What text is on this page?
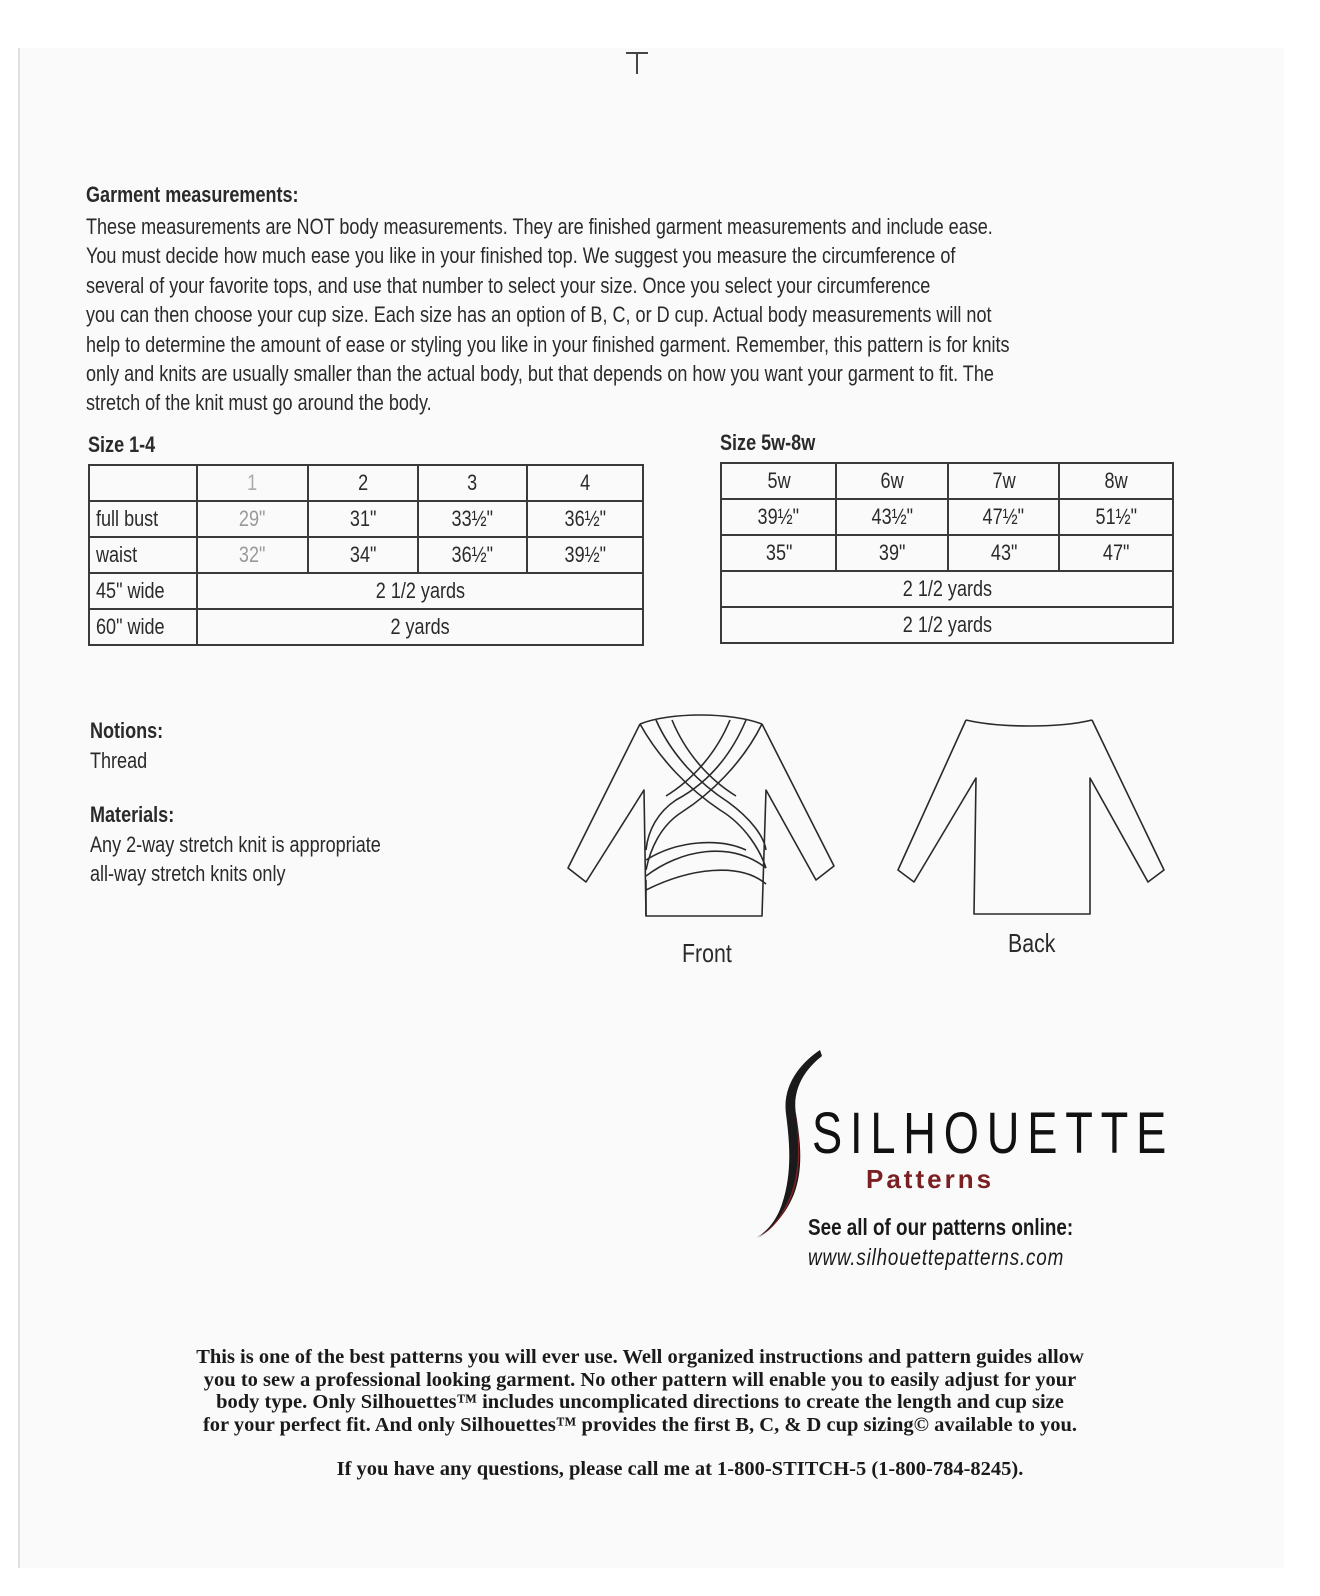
Garment measurements:
These measurements are NOT body measurements. They are finished garment measurements and include ease.
You must decide how much ease you like in your finished top. We suggest you measure the circumference of
several of your favorite tops, and use that number to select your size. Once you select your circumference
you can then choose your cup size. Each size has an option of B, C, or D cup. Actual body measurements will not
help to determine the amount of ease or styling you like in your finished garment. Remember, this pattern is for knits
only and knits are usually smaller than the actual body, but that depends on how you want your garment to fit. The
stretch of the knit must go around the body.
Size 1-4
	1	2	3	4
full bust	29"	31"	33½"	36½"
waist	32"	34"	36½"	39½"
45" wide	2 1/2 yards			
60" wide	2 yards			
Size 5w-8w
5w	6w	7w	8w
39½"	43½"	47½"	51½"
35"	39"	43"	47"
2 1/2 yards			
2 1/2 yards			
Notions:
Thread
Materials:
Any 2-way stretch knit is appropriate
all-way stretch knits only
Front	Back
SILHOUETTE
Patterns
See all of our patterns online:
www.silhouettepatterns.com
This is one of the best patterns you will ever use. Well organized instructions and pattern guides allow
you to sew a professional looking garment. No other pattern will enable you to easily adjust for your
body type. Only Silhouettes™ includes uncomplicated directions to create the length and cup size
for your perfect fit. And only Silhouettes™ provides the first B, C, & D cup sizing© available to you.
If you have any questions, please call me at 1-800-STITCH-5 (1-800-784-8245).
